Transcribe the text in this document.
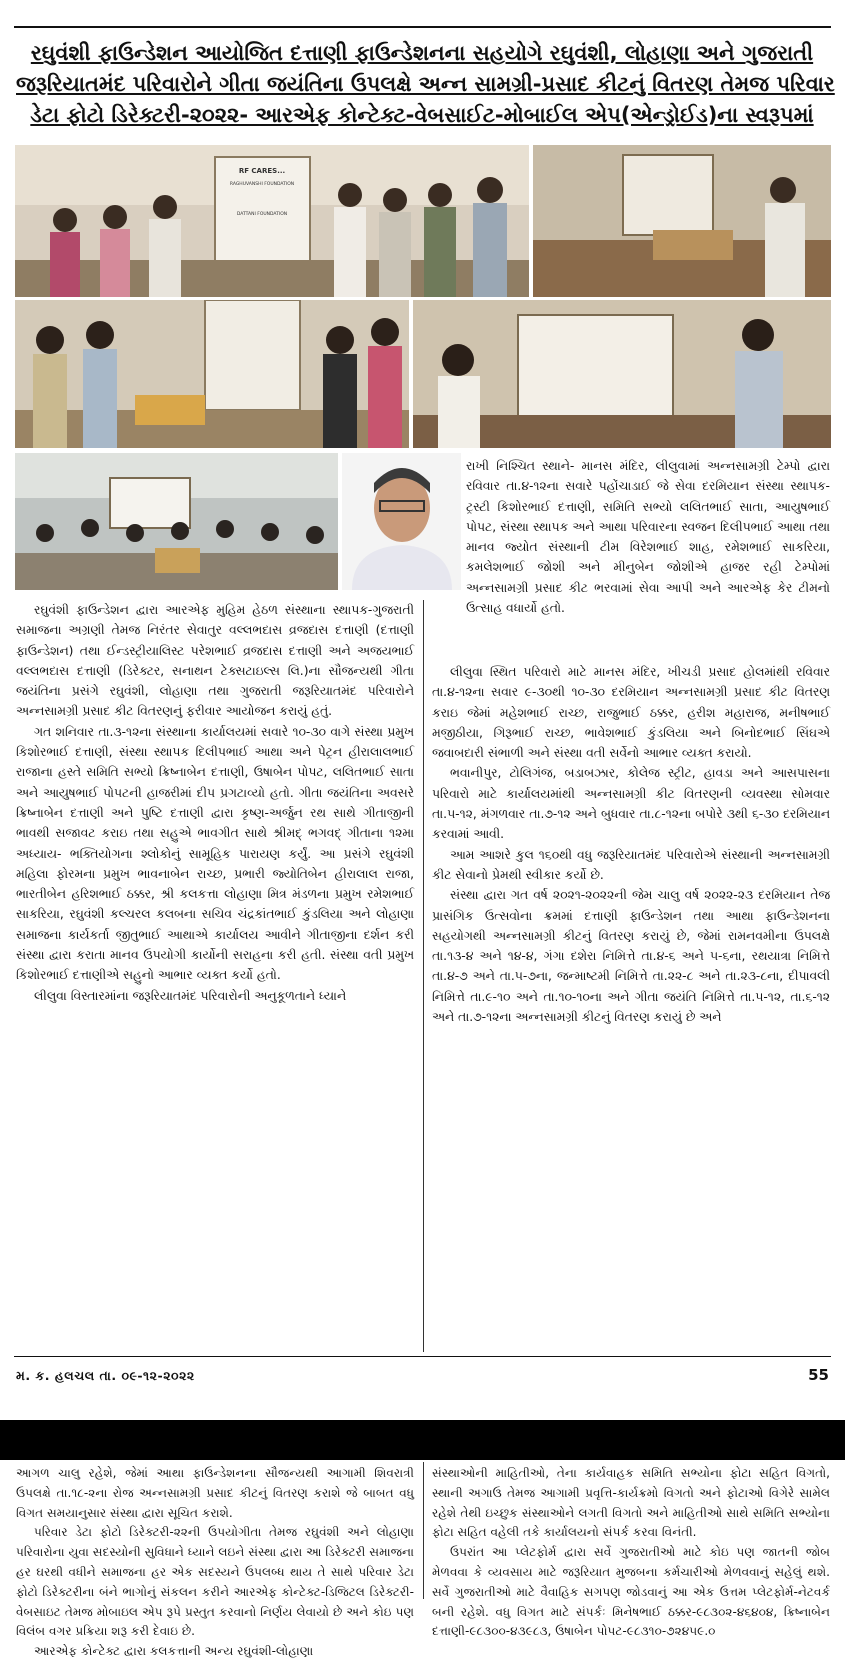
રઘુવંશી ફાઉન્ડેશન આયોજિત દત્તાણી ફાઉન્ડેશનના સહયોગે રઘુવંશી, લોહાણા અને ગુજરાતી
જરૂરિયાતમંદ પરિવારોને ગીતા જયંતિના ઉપલક્ષે અન્ન સામગ્રી-પ્રસાદ કીટનું વિતરણ તેમજ પરિવાર
ડેટા ફોટો ડિરેક્ટરી-૨૦૨૨- આરએફ કોન્ટેક્ટ-વેબસાઈટ-મોબાઈલ એપ(એન્ડ્રોઈડ)ના સ્વરૂપમાં
RF CARES...
RAGHUVANSHI FOUNDATION
DATTANI FOUNDATION

રઘુવંશી ફાઉન્ડેશન દ્વારા આરએફ મુહિમ હેઠળ સંસ્થાના સ્થાપક-ગુજરાતી સમાજના અગ્રણી તેમજ નિરંતર સેવાતુર વલ્લભદાસ વ્રજદાસ દત્તાણી (દત્તાણી ફાઉન્ડેશન) તથા ઈન્ડસ્ટ્રીયાલિસ્ટ પરેશભાઈ વ્રજદાસ દત્તાણી અને અજયભાઈ વલ્લભદાસ દત્તાણી (ડિરેક્ટર, સનાથન ટેક્સટાઇલ્સ લિ.)ના સૌજન્યથી ગીતા જયંતિના પ્રસંગે રઘુવંશી, લોહાણા તથા ગુજરાતી જરૂરિયાતમંદ પરિવારોને અન્નસામગ્રી પ્રસાદ કીટ વિતરણનું ફરીવાર આયોજન કરાયું હતું.

ગત શનિવાર તા.૩-૧૨ના સંસ્થાના કાર્યાલયમાં સવારે ૧૦-૩૦ વાગે સંસ્થા પ્રમુખ કિશોરભાઈ દત્તાણી, સંસ્થા સ્થાપક દિલીપભાઈ આથા અને પેટ્રન હીરાલાલભાઈ રાજાના હસ્તે સમિતિ સભ્યો ક્રિષ્નાબેન દત્તાણી, ઉષાબેન પોપટ, લલિતભાઈ સાતા અને આયુષભાઈ પોપટની હાજરીમાં દીપ પ્રગટાવ્યો હતો. ગીતા જયંતિના અવસરે ક્રિષ્નાબેન દત્તાણી અને પુષ્ટિ દત્તાણી દ્વારા કૃષ્ણ-અર્જુન રથ સાથે ગીતાજીની ભાવથી સજાવટ કરાઇ તથા સહુએ ભાવગીત સાથે શ્રીમદ્ ભગવદ્ ગીતાના ૧૨મા અધ્યાય- ભક્તિયોગના શ્લોકોનું સામૂહિક પારાયણ કર્યું. આ પ્રસંગે રઘુવંશી મહિલા ફોરમના પ્રમુખ ભાવનાબેન રાચ્છ, પ્રભારી જ્યોતિબેન હીરાલાલ રાજા, ભારતીબેન હરિશભાઈ ઠક્કર, શ્રી કલકત્તા લોહાણા મિત્ર મંડળના પ્રમુખ રમેશભાઈ સાકરિયા, રઘુવંશી કલ્ચરલ કલબના સચિવ ચંદ્રકાંતભાઈ કુંડલિયા અને લોહાણા સમાજના કાર્યકર્તા જીતુભાઈ આથાએ કાર્યાલય આવીને ગીતાજીના દર્શન કરી સંસ્થા દ્વારા કરાતા માનવ ઉપયોગી કાર્યોની સરાહના કરી હતી. સંસ્થા વતી પ્રમુખ કિશોરભાઈ દત્તાણીએ સહુનો આભાર વ્યક્ત કર્યો હતો.

લીલુવા વિસ્તારમાંના જરૂરિયાતમંદ પરિવારોની અનુકૂળતાને ધ્યાને

રાખી નિશ્ચિત સ્થાને- માનસ મંદિર, લીલુવામાં અન્નસામગ્રી ટેમ્પો દ્વારા રવિવાર તા.૪-૧૨ના સવારે પહોંચાડાઈ જે સેવા દરમિયાન સંસ્થા સ્થાપક-ટ્રસ્ટી કિશોરભાઈ દત્તાણી, સમિતિ સભ્યો લલિતભાઈ સાતા, આયુષભાઈ પોપટ, સંસ્થા સ્થાપક અને આથા પરિવારના સ્વજન દિલીપભાઈ આથા તથા માનવ જ્યોત સંસ્થાની ટીમ વિરેશભાઈ શાહ, રમેશભાઈ સાકરિયા, કમલેશભાઈ જોશી અને મીનુબેન જોશીએ હાજર રહી ટેમ્પોમાં અન્નસામગ્રી પ્રસાદ કીટ ભરવામાં સેવા આપી અને આરએફ કેર ટીમનો ઉત્સાહ વધાર્યો હતો.

લીલુવા સ્થિત પરિવારો માટે માનસ મંદિર, ખીચડી પ્રસાદ હોલમાંથી રવિવાર તા.૪-૧૨ના સવાર ૯-૩૦થી ૧૦-૩૦ દરમિયાન અન્નસામગ્રી પ્રસાદ કીટ વિતરણ કરાઇ જેમાં મહેશભાઈ રાચ્છ, રાજુભાઈ ઠક્કર, હરીશ મહારાજ, મનીષભાઈ મજીઠીયા, ગિરૂભાઈ રાચ્છ, ભાવેશભાઈ કુંડલિયા અને બિનોદભાઈ સિંઘએ જવાબદારી સંભાળી અને સંસ્થા વતી સર્વેનો આભાર વ્યક્ત કરાયો.

ભવાનીપુર, ટોલિગંજ, બડાબઝાર, કોલેજ સ્ટ્રીટ, હાવડા અને આસપાસના પરિવારો માટે કાર્યાલયમાંથી અન્નસામગ્રી કીટ વિતરણની વ્યવસ્થા સોમવાર તા.૫-૧૨, મંગળવાર તા.૭-૧૨ અને બુધવાર તા.૮-૧૨ના બપોરે ૩થી ૬-૩૦ દરમિયાન કરવામાં આવી.

આમ આશરે કુલ ૧૬૦થી વધુ જરૂરિયાતમંદ પરિવારોએ સંસ્થાની અન્નસામગ્રી કીટ સેવાનો પ્રેમથી સ્વીકાર કર્યો છે.

સંસ્થા દ્વારા ગત વર્ષ ૨૦૨૧-૨૦૨૨ની જેમ ચાલુ વર્ષ ૨૦૨૨-૨૩ દરમિયાન તેજ પ્રાસંગિક ઉત્સવોના ક્રમમાં દત્તાણી ફાઉન્ડેશન તથા આથા ફાઉન્ડેશનના સહયોગથી અન્નસામગ્રી કીટનું વિતરણ કરાયું છે, જેમાં રામનવમીના ઉપલક્ષે તા.૧૩-૪ અને ૧૪-૪, ગંગા દશેરા નિમિત્તે તા.૪-૬ અને ૫-૬ના, રથયાત્રા નિમિત્તે તા.૪-૭ અને તા.૫-૭ના, જન્માષ્ટમી નિમિત્તે તા.૨૨-૮ અને તા.૨૩-૮ના, દીપાવલી નિમિત્તે તા.૯-૧૦ અને તા.૧૦-૧૦ના અને ગીતા જયંતિ નિમિત્તે તા.૫-૧૨, તા.૬-૧૨ અને તા.૭-૧૨ના અન્નસામગ્રી કીટનું વિતરણ કરાયું છે અને

મ. ક. હલચલ તા. ૦૯-૧૨-૨૦૨૨	55

આગળ ચાલુ રહેશે, જેમાં આથા ફાઉન્ડેશનના સૌજન્યથી આગામી શિવરાત્રી ઉપલક્ષે તા.૧૮-૨ના રોજ અન્નસામગ્રી પ્રસાદ કીટનું વિતરણ કરાશે જે બાબત વધુ વિગત સમયાનુસાર સંસ્થા દ્વારા સૂચિત કરાશે.

પરિવાર ડેટા ફોટો ડિરેક્ટરી-૨૨ની ઉપયોગીતા તેમજ રઘુવંશી અને લોહાણા પરિવારોના યુવા સદસ્યોની સુવિધાને ધ્યાને લઇને સંસ્થા દ્વારા આ ડિરેક્ટરી સમાજના હર ઘરથી વધીને સમાજના હર એક સદસ્યને ઉપલબ્ધ થાય તે સાથે પરિવાર ડેટા ફોટો ડિરેક્ટરીના બંને ભાગોનું સંકલન કરીને આરએફ કોન્ટેક્ટ-ડિજિટલ ડિરેક્ટરી-વેબસાઇટ તેમજ મોબાઇલ એપ રૂપે પ્રસ્તુત કરવાનો નિર્ણય લેવાયો છે અને કોઇ પણ વિલંબ વગર પ્રક્રિયા શરૂ કરી દેવાઇ છે.

આરએફ કોન્ટેક્ટ દ્વારા કલકત્તાની અન્ય રઘુવંશી-લોહાણા

સંસ્થાઓની માહિતીઓ, તેના કાર્યવાહક સમિતિ સભ્યોના ફોટા સહિત વિગતો, સ્થાની અગાઉ તેમજ આગામી પ્રવૃત્તિ-કાર્યક્રમો વિગતો અને ફોટાઓ વિગેરે સામેલ રહેશે તેથી ઇચ્છુક સંસ્થાઓને લગતી વિગતો અને માહિતીઓ સાથે સમિતિ સભ્યોના ફોટા સહિત વહેલી તકે કાર્યાલયનો સંપર્ક કરવા વિનંતી.

ઉપરાંત આ પ્લેટફોર્મ દ્વારા સર્વે ગુજરાતીઓ માટે કોઇ પણ જાતની જોબ મેળવવા કે વ્યવસાય માટે જરૂરિયાત મુજબના કર્મચારીઓ મેળવવાનું સહેલું થશે. સર્વે ગુજરાતીઓ માટે વૈવાહિક સગપણ જોડવાનું આ એક ઉત્તમ પ્લેટફોર્મ-નેટવર્ક બની રહેશે. વધુ વિગત માટે સંપર્કઃ મિનેષભાઈ ઠક્કર-૯૮૩૦૨-૪૬૪૦૪, ક્રિષ્નાબેન દત્તાણી-૯૮૩૦૦-૪૩૯૮૩, ઉષાબેન પોપટ-૯૮૩૧૦-૭૨૪૫૯.૦
